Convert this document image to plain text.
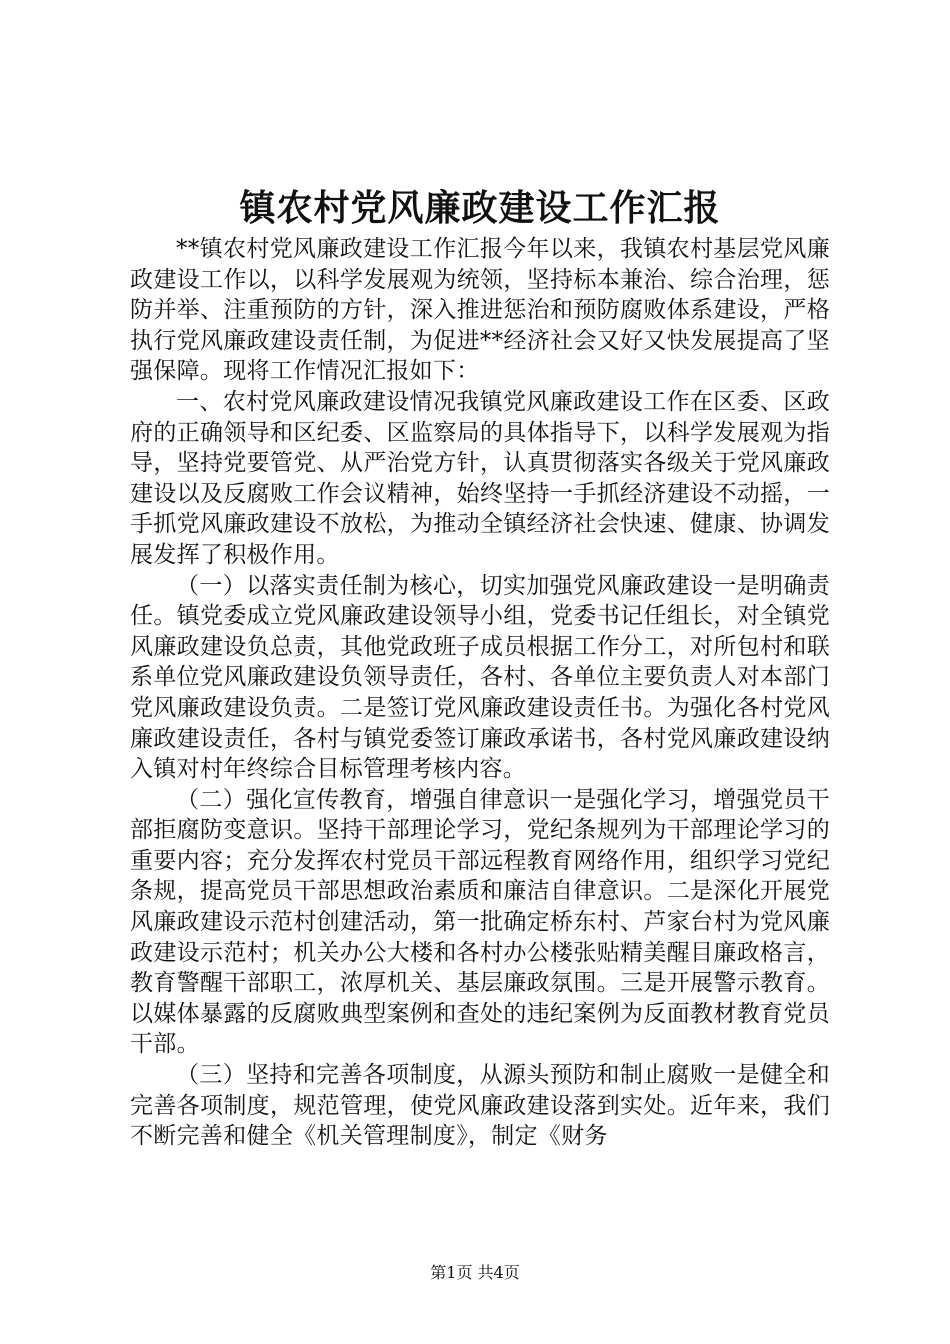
镇农村党风廉政建设工作汇报

**镇农村党风廉政建设工作汇报今年以来，我镇农村基层党风廉政建设工作以，以科学发展观为统领，坚持标本兼治、综合治理，惩防并举、注重预防的方针，深入推进惩治和预防腐败体系建设，严格执行党风廉政建设责任制，为促进**经济社会又好又快发展提高了坚强保障。现将工作情况汇报如下：

一、农村党风廉政建设情况我镇党风廉政建设工作在区委、区政府的正确领导和区纪委、区监察局的具体指导下，以科学发展观为指导，坚持党要管党、从严治党方针，认真贯彻落实各级关于党风廉政建设以及反腐败工作会议精神，始终坚持一手抓经济建设不动摇，一手抓党风廉政建设不放松，为推动全镇经济社会快速、健康、协调发展发挥了积极作用。

（一）以落实责任制为核心，切实加强党风廉政建设一是明确责任。镇党委成立党风廉政建设领导小组，党委书记任组长，对全镇党风廉政建设负总责，其他党政班子成员根据工作分工，对所包村和联系单位党风廉政建设负领导责任，各村、各单位主要负责人对本部门党风廉政建设负责。二是签订党风廉政建设责任书。为强化各村党风廉政建设责任，各村与镇党委签订廉政承诺书，各村党风廉政建设纳入镇对村年终综合目标管理考核内容。

（二）强化宣传教育，增强自律意识一是强化学习，增强党员干部拒腐防变意识。坚持干部理论学习，党纪条规列为干部理论学习的重要内容；充分发挥农村党员干部远程教育网络作用，组织学习党纪条规，提高党员干部思想政治素质和廉洁自律意识。二是深化开展党风廉政建设示范村创建活动，第一批确定桥东村、芦家台村为党风廉政建设示范村；机关办公大楼和各村办公楼张贴精美醒目廉政格言，教育警醒干部职工，浓厚机关、基层廉政氛围。三是开展警示教育。以媒体暴露的反腐败典型案例和查处的违纪案例为反面教材教育党员干部。

（三）坚持和完善各项制度，从源头预防和制止腐败一是健全和完善各项制度，规范管理，使党风廉政建设落到实处。近年来，我们不断完善和健全《机关管理制度》，制定《财务

第1页 共4页
